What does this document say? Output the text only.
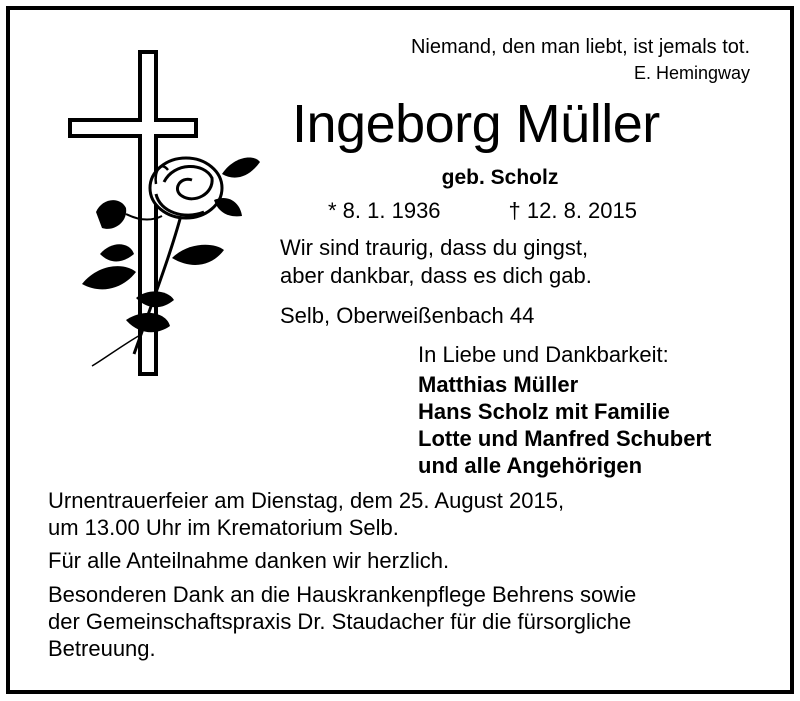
Niemand, den man liebt, ist jemals tot.
E. Hemingway
Ingeborg Müller
geb. Scholz
* 8. 1. 1936	† 12. 8. 2015
Wir sind traurig, dass du gingst,
aber dankbar, dass es dich gab.
Selb, Oberweißenbach 44
In Liebe und Dankbarkeit:
Matthias Müller
Hans Scholz mit Familie
Lotte und Manfred Schubert
und alle Angehörigen
Urnentrauerfeier am Dienstag, dem 25. August 2015,
um 13.00 Uhr im Krematorium Selb.
Für alle Anteilnahme danken wir herzlich.
Besonderen Dank an die Hauskrankenpflege Behrens sowie
der Gemeinschaftspraxis Dr. Staudacher für die fürsorgliche
Betreuung.
